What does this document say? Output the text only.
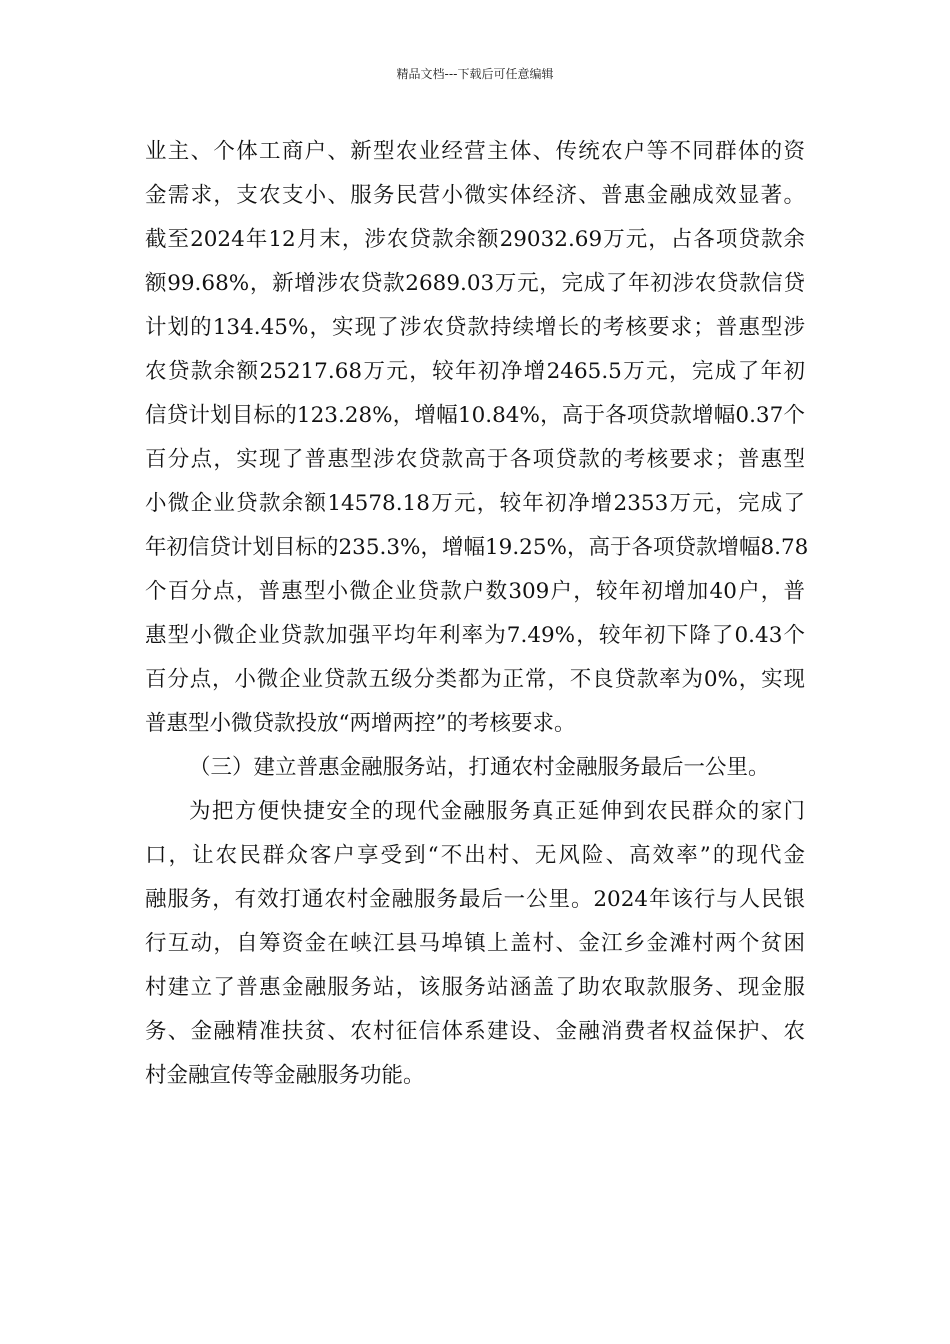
精品文档---下载后可任意编辑
业主、个体工商户、新型农业经营主体、传统农户等不同群体的资
金需求，支农支小、服务民营小微实体经济、普惠金融成效显著。
截至2024年12月末，涉农贷款余额29032.69万元，占各项贷款余
额99.68%，新增涉农贷款2689.03万元，完成了年初涉农贷款信贷
计划的134.45%，实现了涉农贷款持续增长的考核要求；普惠型涉
农贷款余额25217.68万元，较年初净增2465.5万元，完成了年初
信贷计划目标的123.28%，增幅10.84%，高于各项贷款增幅0.37个
百分点，实现了普惠型涉农贷款高于各项贷款的考核要求；普惠型
小微企业贷款余额14578.18万元，较年初净增2353万元，完成了
年初信贷计划目标的235.3%，增幅19.25%，高于各项贷款增幅8.78
个百分点，普惠型小微企业贷款户数309户，较年初增加40户，普
惠型小微企业贷款加强平均年利率为7.49%，较年初下降了0.43个
百分点，小微企业贷款五级分类都为正常，不良贷款率为0%，实现
普惠型小微贷款投放“两增两控”的考核要求。
（三）建立普惠金融服务站，打通农村金融服务最后一公里。
为把方便快捷安全的现代金融服务真正延伸到农民群众的家门
口，让农民群众客户享受到“不出村、无风险、高效率”的现代金
融服务，有效打通农村金融服务最后一公里。2024年该行与人民银
行互动，自筹资金在峡江县马埠镇上盖村、金江乡金滩村两个贫困
村建立了普惠金融服务站，该服务站涵盖了助农取款服务、现金服
务、金融精准扶贫、农村征信体系建设、金融消费者权益保护、农
村金融宣传等金融服务功能。
